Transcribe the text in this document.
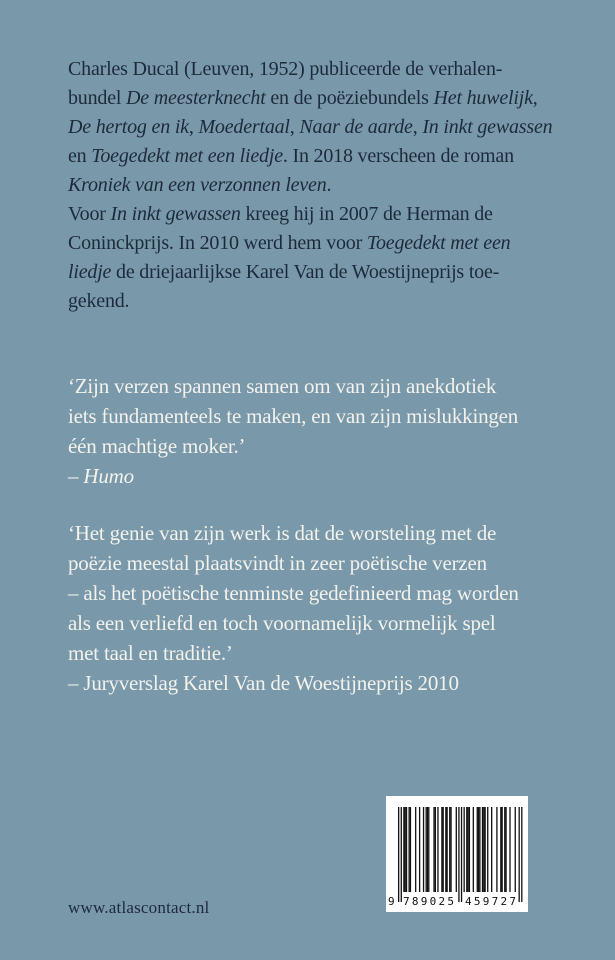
Charles Ducal (Leuven, 1952) publiceerde de verhalen-
bundel De meesterknecht en de poëziebundels Het huwelijk,
De hertog en ik, Moedertaal, Naar de aarde, In inkt gewassen
en Toegedekt met een liedje. In 2018 verscheen de roman
Kroniek van een verzonnen leven.
Voor In inkt gewassen kreeg hij in 2007 de Herman de
Coninckprijs. In 2010 werd hem voor Toegedekt met een
liedje de driejaarlijkse Karel Van de Woestijneprijs toe-
gekend.
‘Zijn verzen spannen samen om van zijn anekdotiek
iets fundamenteels te maken, en van zijn mislukkingen
één machtige moker.’
– Humo
‘Het genie van zijn werk is dat de worsteling met de
poëzie meestal plaatsvindt in zeer poëtische verzen
– als het poëtische tenminste gedefinieerd mag worden
als een verliefd en toch voornamelijk vormelijk spel
met taal en traditie.’
– Juryverslag Karel Van de Woestijneprijs 2010
www.atlascontact.nl	9 789025 459727
